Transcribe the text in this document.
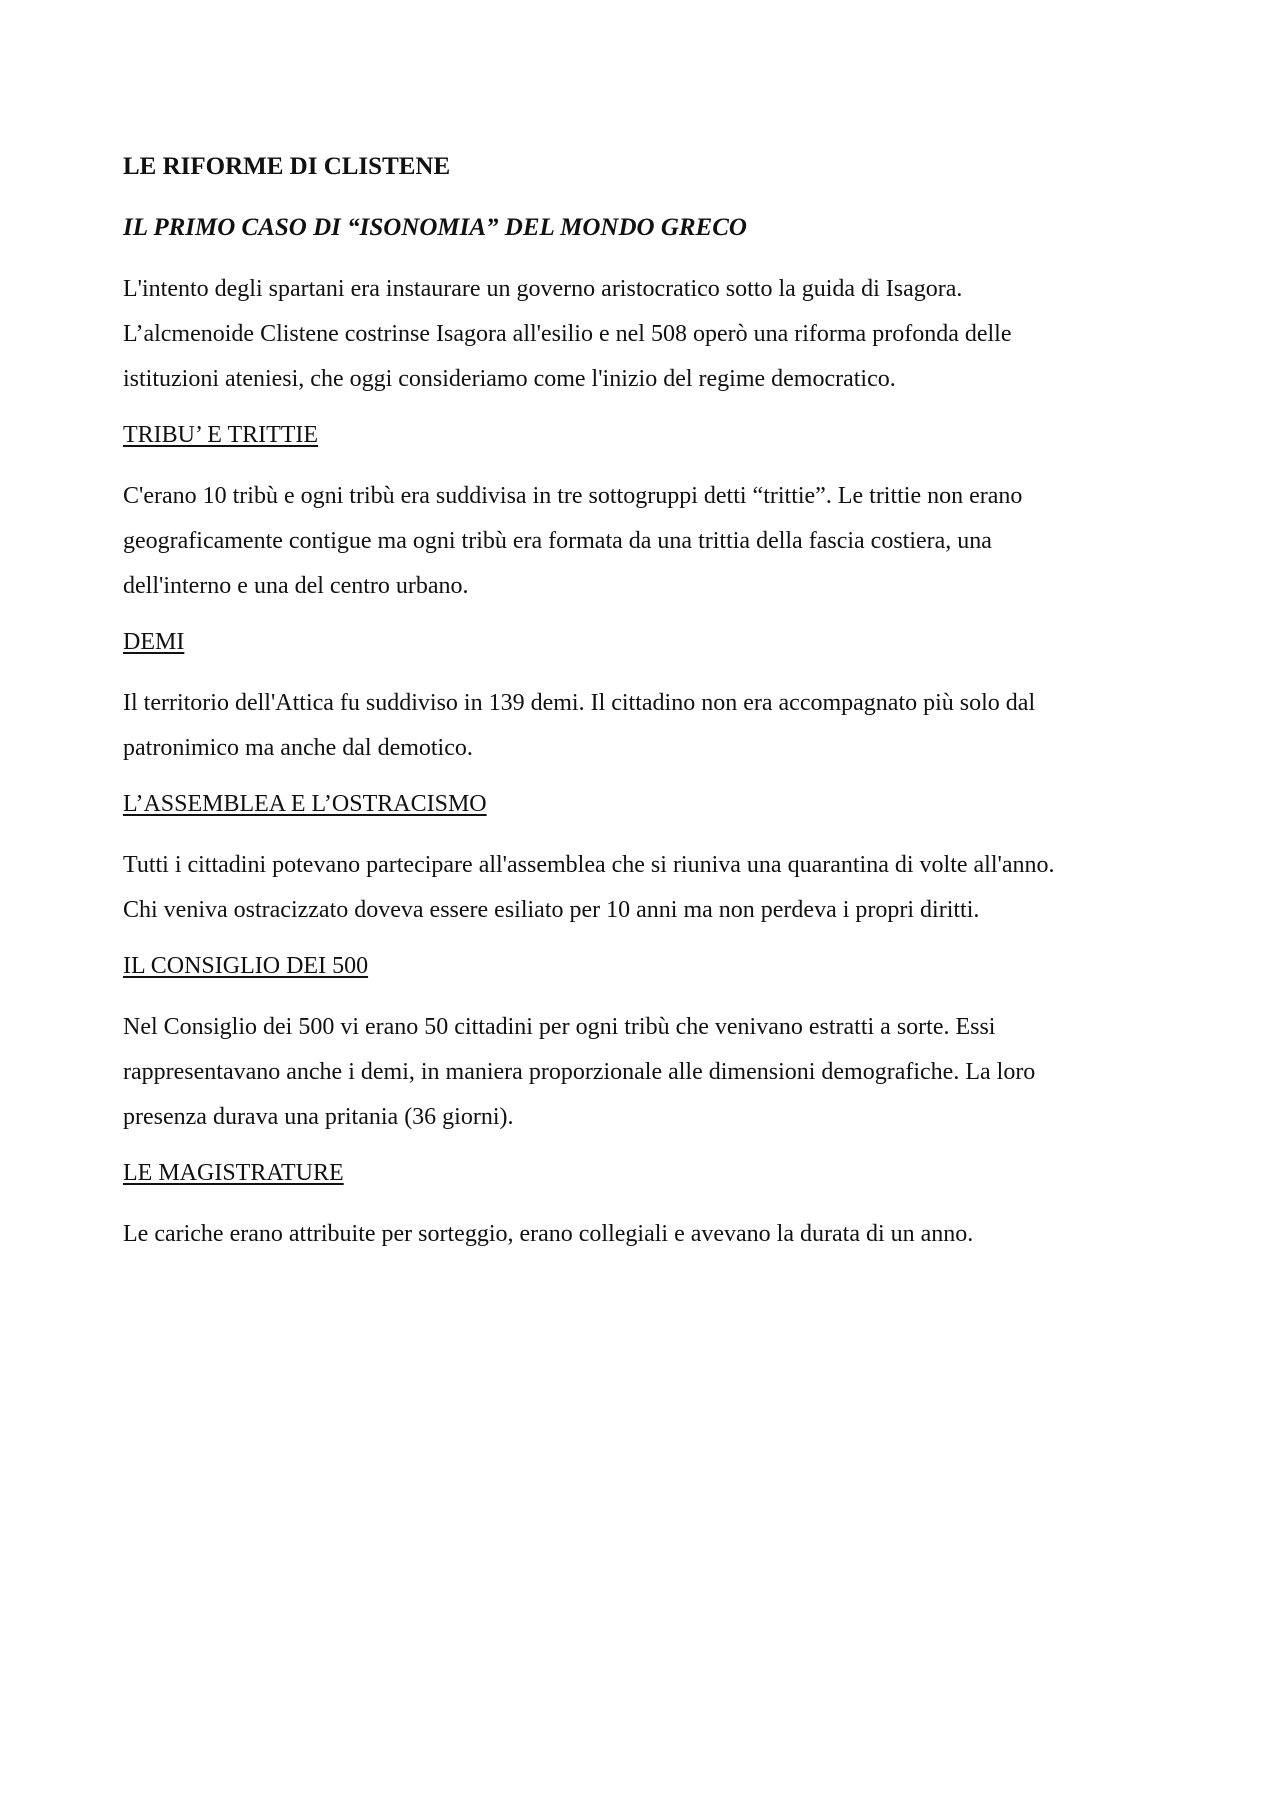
LE RIFORME DI CLISTENE
IL PRIMO CASO DI “ISONOMIA” DEL MONDO GRECO

L'intento degli spartani era instaurare un governo aristocratico sotto la guida di Isagora.
L’alcmenoide Clistene costrinse Isagora all'esilio e nel 508 operò una riforma profonda delle
istituzioni ateniesi, che oggi consideriamo come l'inizio del regime democratico.

TRIBU’ E TRITTIE

C'erano 10 tribù e ogni tribù era suddivisa in tre sottogruppi detti “trittie”. Le trittie non erano
geograficamente contigue ma ogni tribù era formata da una trittia della fascia costiera, una
dell'interno e una del centro urbano.

DEMI

Il territorio dell'Attica fu suddiviso in 139 demi. Il cittadino non era accompagnato più solo dal
patronimico ma anche dal demotico.

L’ASSEMBLEA E L’OSTRACISMO

Tutti i cittadini potevano partecipare all'assemblea che si riuniva una quarantina di volte all'anno.
Chi veniva ostracizzato doveva essere esiliato per 10 anni ma non perdeva i propri diritti.

IL CONSIGLIO DEI 500

Nel Consiglio dei 500 vi erano 50 cittadini per ogni tribù che venivano estratti a sorte. Essi
rappresentavano anche i demi, in maniera proporzionale alle dimensioni demografiche. La loro
presenza durava una pritania (36 giorni).

LE MAGISTRATURE

Le cariche erano attribuite per sorteggio, erano collegiali e avevano la durata di un anno.
